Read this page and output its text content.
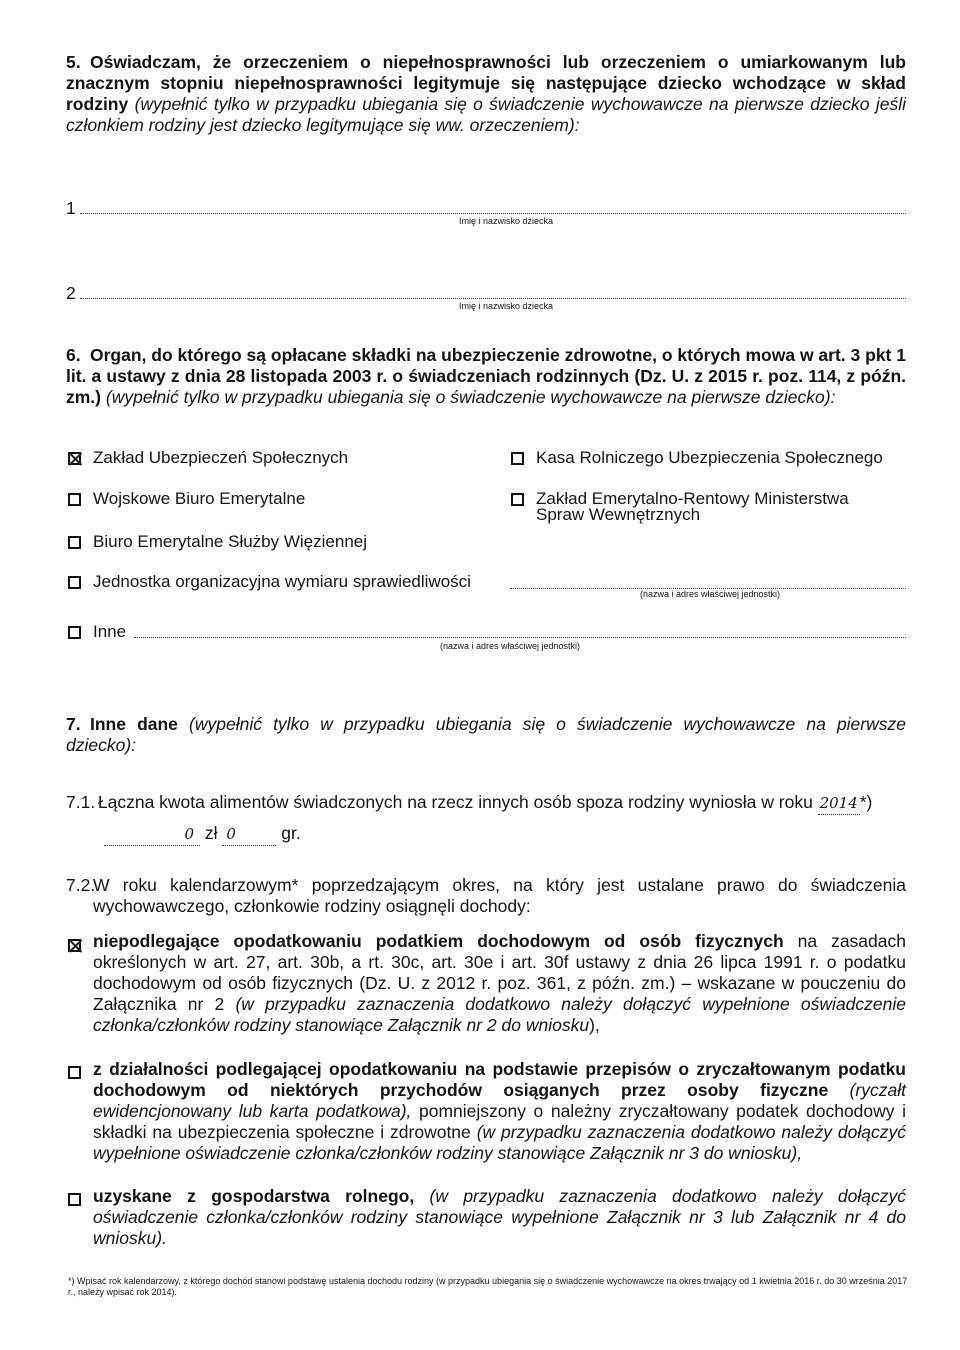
5. Oświadczam, że orzeczeniem o niepełnosprawności lub orzeczeniem o umiarkowanym lub znacznym stopniu niepełnosprawności legitymuje się następujące dziecko wchodzące w skład rodziny (wypełnić tylko w przypadku ubiegania się o świadczenie wychowawcze na pierwsze dziecko jeśli członkiem rodziny jest dziecko legitymujące się ww. orzeczeniem):
1
Imię i nazwisko dziecka
2
Imię i nazwisko dziecka
6. Organ, do którego są opłacane składki na ubezpieczenie zdrowotne, o których mowa w art. 3 pkt 1 lit. a ustawy z dnia 28 listopada 2003 r. o świadczeniach rodzinnych (Dz. U. z 2015 r. poz. 114, z późn. zm.) (wypełnić tylko w przypadku ubiegania się o świadczenie wychowawcze na pierwsze dziecko):
Zakład Ubezpieczeń Społecznych	Kasa Rolniczego Ubezpieczenia Społecznego
Wojskowe Biuro Emerytalne	Zakład Emerytalno-Rentowy Ministerstwa
Spraw Wewnętrznych
Biuro Emerytalne Służby Więziennej
Jednostka organizacyjna wymiaru sprawiedliwości
(nazwa i adres właściwej jednostki)
Inne
(nazwa i adres właściwej jednostki)
7. Inne dane (wypełnić tylko w przypadku ubiegania się o świadczenie wychowawcze na pierwsze dziecko):
7.1. Łączna kwota alimentów świadczonych na rzecz innych osób spoza rodziny wyniosła w roku 2014 *)
0 zł 0	gr.
7.2.W roku kalendarzowym* poprzedzającym okres, na który jest ustalane prawo do świadczenia
wychowawczego, członkowie rodziny osiągnęli dochody:
niepodlegające opodatkowaniu podatkiem dochodowym od osób fizycznych na zasadach określonych w art. 27, art. 30b, a rt. 30c, art. 30e i art. 30f ustawy z dnia 26 lipca 1991 r. o podatku dochodowym od osób fizycznych (Dz. U. z 2012 r. poz. 361, z późn. zm.) – wskazane w pouczeniu do Załącznika nr 2 (w przypadku zaznaczenia dodatkowo należy dołączyć wypełnione oświadczenie członka/członków rodziny stanowiące Załącznik nr 2 do wniosku),
z działalności podlegającej opodatkowaniu na podstawie przepisów o zryczałtowanym podatku dochodowym od niektórych przychodów osiąganych przez osoby fizyczne (ryczałt ewidencjonowany lub karta podatkowa), pomniejszony o należny zryczałtowany podatek dochodowy i składki na ubezpieczenia społeczne i zdrowotne (w przypadku zaznaczenia dodatkowo należy dołączyć wypełnione oświadczenie członka/członków rodziny stanowiące Załącznik nr 3 do wniosku),
uzyskane z gospodarstwa rolnego, (w przypadku zaznaczenia dodatkowo należy dołączyć oświadczenie członka/członków rodziny stanowiące wypełnione Załącznik nr 3 lub Załącznik nr 4 do wniosku).
*) Wpisać rok kalendarzowy, z którego dochód stanowi podstawę ustalenia dochodu rodziny (w przypadku ubiegania się o świadczenie wychowawcze na okres trwający od 1 kwietnia 2016 r. do 30 września 2017 r., należy wpisać rok 2014).
